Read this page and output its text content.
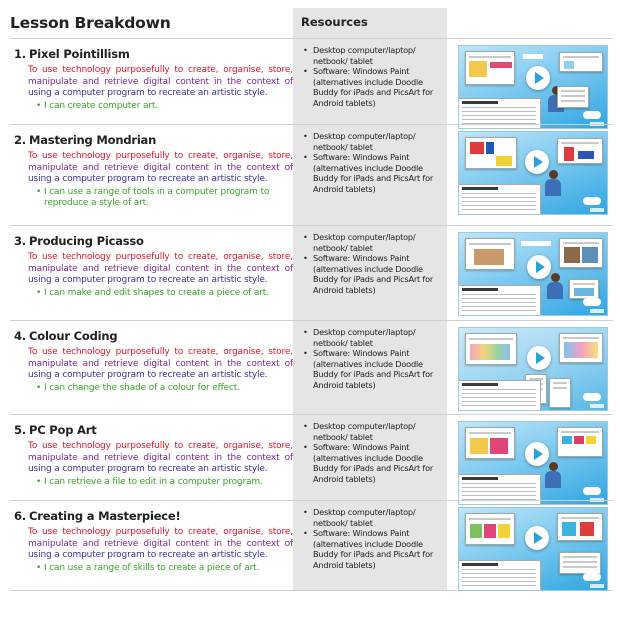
Lesson Breakdown	Resources
1. Pixel Pointillism
To use technology purposefully to create, organise, store, manipulate and retrieve digital content in the context of using a computer program to recreate an artistic style.
• I can create computer art.
• Desktop computer/laptop/ netbook/ tablet
• Software: Windows Paint (alternatives include Doodle Buddy for iPads and PicsArt for Android tablets)
2. Mastering Mondrian
To use technology purposefully to create, organise, store, manipulate and retrieve digital content in the context of using a computer program to recreate an artistic style.
• I can use a range of tools in a computer program to reproduce a style of art.
• Desktop computer/laptop/ netbook/ tablet
• Software: Windows Paint (alternatives include Doodle Buddy for iPads and PicsArt for Android tablets)
3. Producing Picasso
To use technology purposefully to create, organise, store, manipulate and retrieve digital content in the context of using a computer program to recreate an artistic style.
• I can make and edit shapes to create a piece of art.
• Desktop computer/laptop/ netbook/ tablet
• Software: Windows Paint (alternatives include Doodle Buddy for iPads and PicsArt for Android tablets)
4. Colour Coding
To use technology purposefully to create, organise, store, manipulate and retrieve digital content in the context of using a computer program to recreate an artistic style.
• I can change the shade of a colour for effect.
• Desktop computer/laptop/ netbook/ tablet
• Software: Windows Paint (alternatives include Doodle Buddy for iPads and PicsArt for Android tablets)
5. PC Pop Art
To use technology purposefully to create, organise, store, manipulate and retrieve digital content in the context of using a computer program to recreate an artistic style.
• I can retrieve a file to edit in a computer program.
• Desktop computer/laptop/ netbook/ tablet
• Software: Windows Paint (alternatives include Doodle Buddy for iPads and PicsArt for Android tablets)
6. Creating a Masterpiece!
To use technology purposefully to create, organise, store, manipulate and retrieve digital content in the context of using a computer program to recreate an artistic style.
• I can use a range of skills to create a piece of art.
• Desktop computer/laptop/ netbook/ tablet
• Software: Windows Paint (alternatives include Doodle Buddy for iPads and PicsArt for Android tablets)
